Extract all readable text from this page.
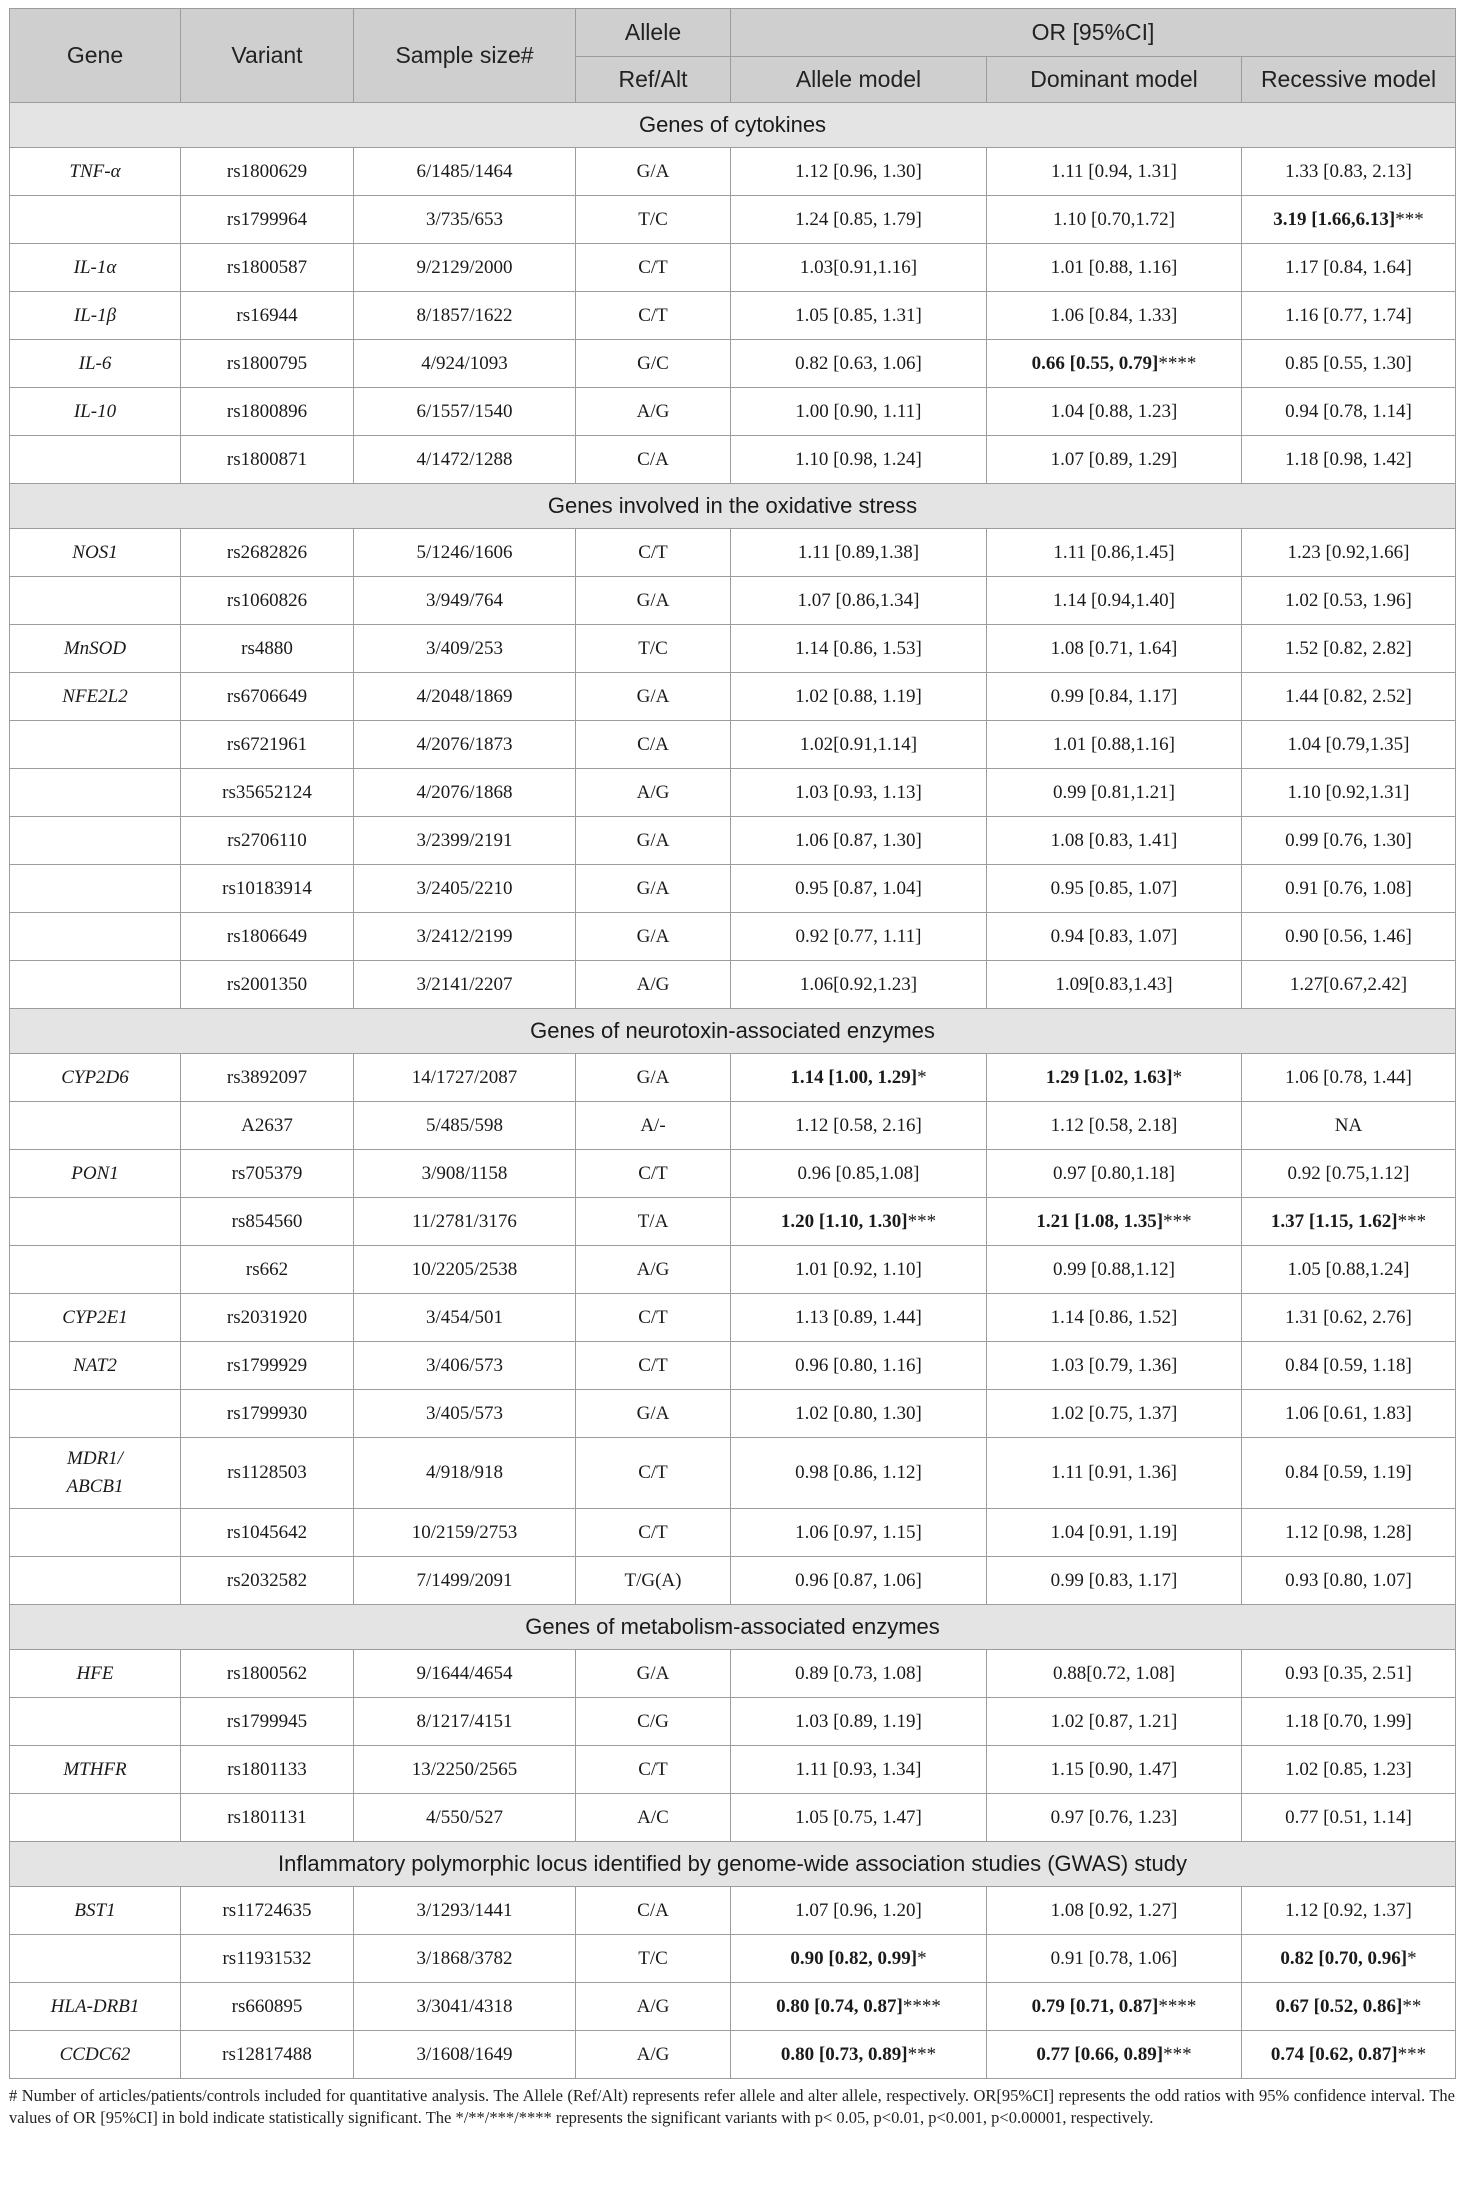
Gene	Variant	Sample size#	Allele	OR [95%CI]		
			Ref/Alt	Allele model	Dominant model	Recessive model
Genes of cytokines						
TNF-α	rs1800629	6/1485/1464	G/A	1.12 [0.96, 1.30]	1.11 [0.94, 1.31]	1.33 [0.83, 2.13]
	rs1799964	3/735/653	T/C	1.24 [0.85, 1.79]	1.10 [0.70,1.72]	3.19 [1.66,6.13]***
IL-1α	rs1800587	9/2129/2000	C/T	1.03[0.91,1.16]	1.01 [0.88, 1.16]	1.17 [0.84, 1.64]
IL-1β	rs16944	8/1857/1622	C/T	1.05 [0.85, 1.31]	1.06 [0.84, 1.33]	1.16 [0.77, 1.74]
IL-6	rs1800795	4/924/1093	G/C	0.82 [0.63, 1.06]	0.66 [0.55, 0.79]****	0.85 [0.55, 1.30]
IL-10	rs1800896	6/1557/1540	A/G	1.00 [0.90, 1.11]	1.04 [0.88, 1.23]	0.94 [0.78, 1.14]
	rs1800871	4/1472/1288	C/A	1.10 [0.98, 1.24]	1.07 [0.89, 1.29]	1.18 [0.98, 1.42]
Genes involved in the oxidative stress						
NOS1	rs2682826	5/1246/1606	C/T	1.11 [0.89,1.38]	1.11 [0.86,1.45]	1.23 [0.92,1.66]
	rs1060826	3/949/764	G/A	1.07 [0.86,1.34]	1.14 [0.94,1.40]	1.02 [0.53, 1.96]
MnSOD	rs4880	3/409/253	T/C	1.14 [0.86, 1.53]	1.08 [0.71, 1.64]	1.52 [0.82, 2.82]
NFE2L2	rs6706649	4/2048/1869	G/A	1.02 [0.88, 1.19]	0.99 [0.84, 1.17]	1.44 [0.82, 2.52]
	rs6721961	4/2076/1873	C/A	1.02[0.91,1.14]	1.01 [0.88,1.16]	1.04 [0.79,1.35]
	rs35652124	4/2076/1868	A/G	1.03 [0.93, 1.13]	0.99 [0.81,1.21]	1.10 [0.92,1.31]
	rs2706110	3/2399/2191	G/A	1.06 [0.87, 1.30]	1.08 [0.83, 1.41]	0.99 [0.76, 1.30]
	rs10183914	3/2405/2210	G/A	0.95 [0.87, 1.04]	0.95 [0.85, 1.07]	0.91 [0.76, 1.08]
	rs1806649	3/2412/2199	G/A	0.92 [0.77, 1.11]	0.94 [0.83, 1.07]	0.90 [0.56, 1.46]
	rs2001350	3/2141/2207	A/G	1.06[0.92,1.23]	1.09[0.83,1.43]	1.27[0.67,2.42]
Genes of neurotoxin-associated enzymes						
CYP2D6	rs3892097	14/1727/2087	G/A	1.14 [1.00, 1.29]*	1.29 [1.02, 1.63]*	1.06 [0.78, 1.44]
	A2637	5/485/598	A/-	1.12 [0.58, 2.16]	1.12 [0.58, 2.18]	NA
PON1	rs705379	3/908/1158	C/T	0.96 [0.85,1.08]	0.97 [0.80,1.18]	0.92 [0.75,1.12]
	rs854560	11/2781/3176	T/A	1.20 [1.10, 1.30]***	1.21 [1.08, 1.35]***	1.37 [1.15, 1.62]***
	rs662	10/2205/2538	A/G	1.01 [0.92, 1.10]	0.99 [0.88,1.12]	1.05 [0.88,1.24]
CYP2E1	rs2031920	3/454/501	C/T	1.13 [0.89, 1.44]	1.14 [0.86, 1.52]	1.31 [0.62, 2.76]
NAT2	rs1799929	3/406/573	C/T	0.96 [0.80, 1.16]	1.03 [0.79, 1.36]	0.84 [0.59, 1.18]
	rs1799930	3/405/573	G/A	1.02 [0.80, 1.30]	1.02 [0.75, 1.37]	1.06 [0.61, 1.83]
MDR1/
ABCB1	rs1128503	4/918/918	C/T	0.98 [0.86, 1.12]	1.11 [0.91, 1.36]	0.84 [0.59, 1.19]
	rs1045642	10/2159/2753	C/T	1.06 [0.97, 1.15]	1.04 [0.91, 1.19]	1.12 [0.98, 1.28]
	rs2032582	7/1499/2091	T/G(A)	0.96 [0.87, 1.06]	0.99 [0.83, 1.17]	0.93 [0.80, 1.07]
Genes of metabolism-associated enzymes						
HFE	rs1800562	9/1644/4654	G/A	0.89 [0.73, 1.08]	0.88[0.72, 1.08]	0.93 [0.35, 2.51]
	rs1799945	8/1217/4151	C/G	1.03 [0.89, 1.19]	1.02 [0.87, 1.21]	1.18 [0.70, 1.99]
MTHFR	rs1801133	13/2250/2565	C/T	1.11 [0.93, 1.34]	1.15 [0.90, 1.47]	1.02 [0.85, 1.23]
	rs1801131	4/550/527	A/C	1.05 [0.75, 1.47]	0.97 [0.76, 1.23]	0.77 [0.51, 1.14]
Inflammatory polymorphic locus identified by genome-wide association studies (GWAS) study						
BST1	rs11724635	3/1293/1441	C/A	1.07 [0.96, 1.20]	1.08 [0.92, 1.27]	1.12 [0.92, 1.37]
	rs11931532	3/1868/3782	T/C	0.90 [0.82, 0.99]*	0.91 [0.78, 1.06]	0.82 [0.70, 0.96]*
HLA-DRB1	rs660895	3/3041/4318	A/G	0.80 [0.74, 0.87]****	0.79 [0.71, 0.87]****	0.67 [0.52, 0.86]**
CCDC62	rs12817488	3/1608/1649	A/G	0.80 [0.73, 0.89]***	0.77 [0.66, 0.89]***	0.74 [0.62, 0.87]***
# Number of articles/patients/controls included for quantitative analysis. The Allele (Ref/Alt) represents refer allele and alter allele, respectively. OR[95%CI] represents the odd ratios with 95% confidence interval. The values of OR [95%CI] in bold indicate statistically significant. The */**/***/**** represents the significant variants with p< 0.05, p<0.01, p<0.001, p<0.00001, respectively.
